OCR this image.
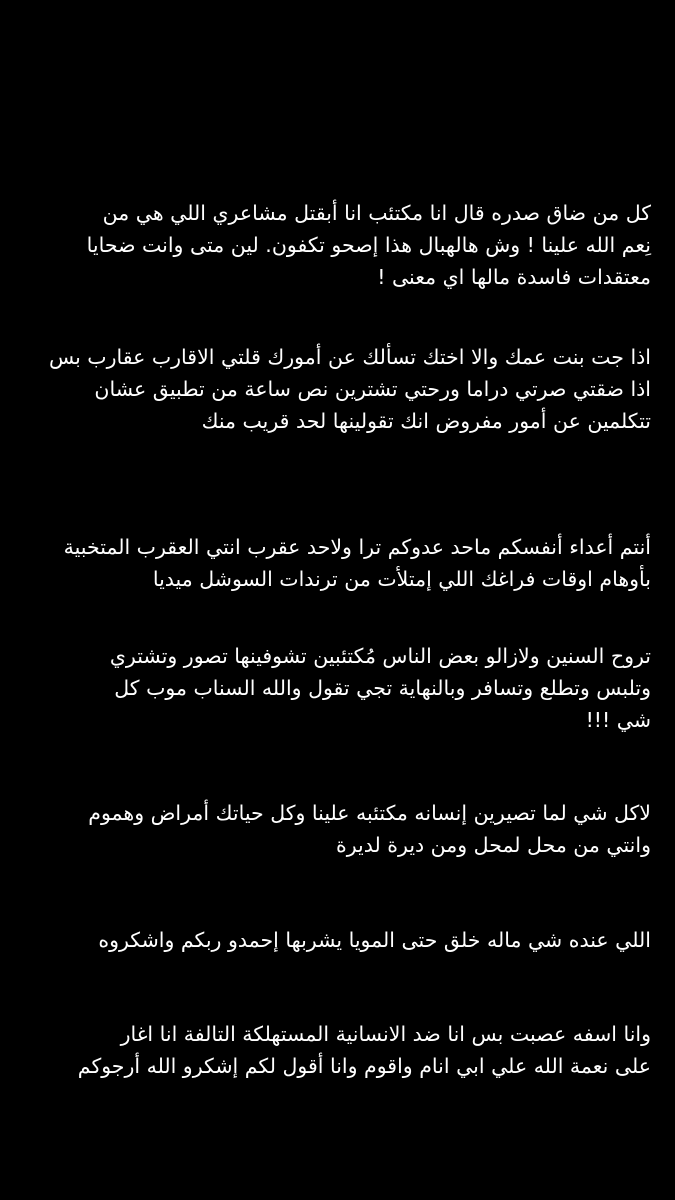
كل من ضاق صدره قال انا مكتئب انا أبقتل مشاعري اللي هي من
نِعم الله علينا ! وش هالهبال هذا إصحو تكفون. لين متى وانت ضحايا
معتقدات فاسدة مالها اي معنى !
اذا جت بنت عمك والا اختك تسألك عن أمورك قلتي الاقارب عقارب بس
اذا ضقتي صرتي دراما ورحتي تشترين نص ساعة من تطبيق عشان
تتكلمين عن أمور مفروض انك تقولينها لحد قريب منك
أنتم أعداء أنفسكم ماحد عدوكم ترا ولاحد عقرب انتي العقرب المتخبية
بأوهام اوقات فراغك اللي إمتلأت من ترندات السوشل ميديا
تروح السنين ولازالو بعض الناس مُكتئبين تشوفينها تصور وتشتري
وتلبس وتطلع وتسافر وبالنهاية تجي تقول والله السناب موب كل
شي !!!
لاكل شي لما تصيرين إنسانه مكتئبه علينا وكل حياتك أمراض وهموم
وانتي من محل لمحل ومن ديرة لديرة
اللي عنده شي ماله خلق حتى المويا يشربها إحمدو ربكم واشكروه
وانا اسفه عصبت بس انا ضد الانسانية المستهلكة التالفة انا اغار
على نعمة الله علي ابي انام واقوم وانا أقول لكم إشكرو الله أرجوكم
